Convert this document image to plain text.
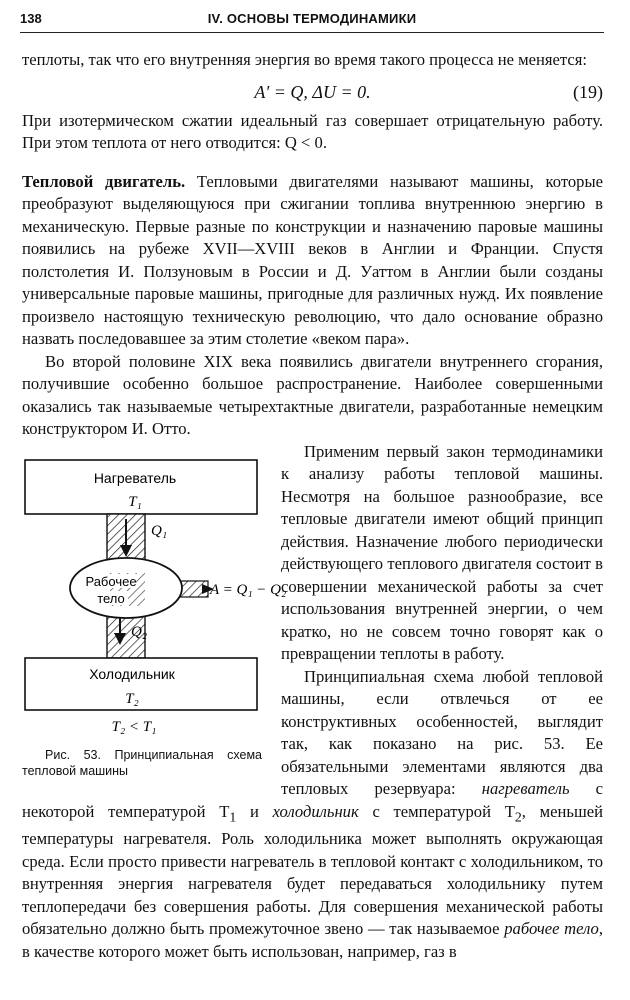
138	IV. ОСНОВЫ ТЕРМОДИНАМИКИ

теплоты, так что его внутренняя энергия во время такого процесса не меняется:

A′ = Q, ΔU = 0.	(19)

При изотермическом сжатии идеальный газ совершает отрицательную работу. При этом теплота от него отводится: Q < 0.

Тепловой двигатель. Тепловыми двигателями называют машины, которые преобразуют выделяющуюся при сжигании топлива внутреннюю энергию в механическую. Первые разные по конструкции и назначению паровые машины появились на рубеже XVII—XVIII веков в Англии и Франции. Спустя полстолетия И. Ползуновым в России и Д. Уаттом в Англии были созданы универсальные паровые машины, пригодные для различных нужд. Их появление произвело настоящую техническую революцию, что дало основание образно назвать последовавшее за этим столетие «веком пара».

Во второй половине XIX века появились двигатели внутреннего сгорания, получившие особенно большое распространение. Наиболее совершенными оказались так называемые четырехтактные двигатели, разработанные немецким конструктором И. Отто.

Нагреватель
T₁
Q₁
Q₂
A = Q₁ − Q₂
Рабочее
тело
Холодильник
T₂
T₂ < T₁
Рис. 53. Принципиальная схема тепловой машины
Применим первый закон термодинамики к анализу работы тепловой машины. Несмотря на большое разнообразие, все тепловые двигатели имеют общий принцип действия. Назначение любого периодически действующего теплового двигателя состоит в совершении механической работы за счет использования внутренней энергии, о чем кратко, но не совсем точно говорят как о превращении теплоты в работу.

Принципиальная схема любой тепловой машины, если отвлечься от ее конструктивных особенностей, выглядит так, как показано на рис. 53. Ее обязательными элементами являются два тепловых резервуара: нагреватель с некоторой температурой $T_1$ и холодильник с температурой $T_2$, меньшей температуры нагревателя. Роль холодильника может выполнять окружающая среда. Если просто привести нагреватель в тепловой контакт с холодильником, то внутренняя энергия нагревателя будет передаваться холодильнику путем теплопередачи без совершения работы. Для совершения механической работы обязательно должно быть промежуточное звено — так называемое рабочее тело, в качестве которого может быть использован, например, газ в
